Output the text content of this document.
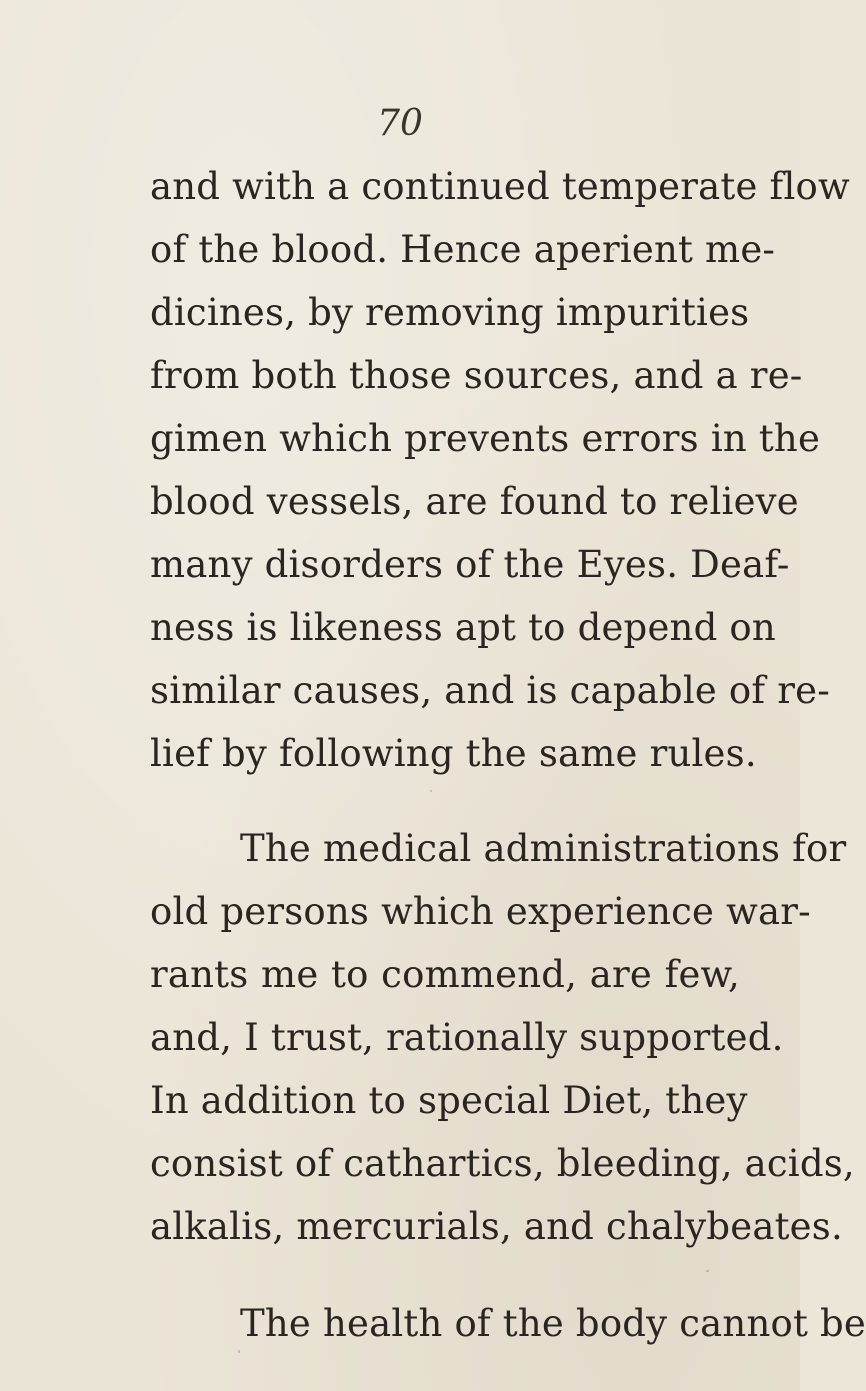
70
and with a continued temperate flow
of the blood. Hence aperient me-
dicines, by removing impurities
from both those sources, and a re-
gimen which prevents errors in the
blood vessels, are found to relieve
many disorders of the Eyes. Deaf-
ness is likeness apt to depend on
similar causes, and is capable of re-
lief by following the same rules.
The medical administrations for
old persons which experience war-
rants me to commend, are few,
and, I trust, rationally supported.
In addition to special Diet, they
consist of cathartics, bleeding, acids,
alkalis, mercurials, and chalybeates.
The health of the body cannot be
